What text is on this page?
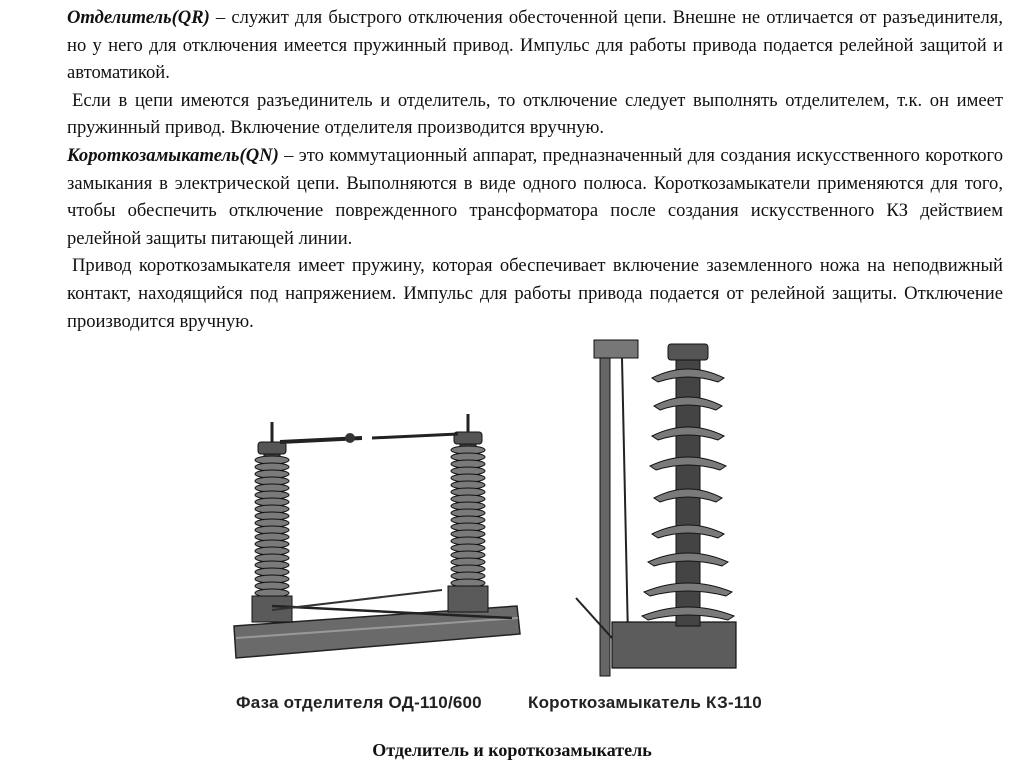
Отделитель(QR) – служит для быстрого отключения обесточенной цепи. Внешне не отличается от разъединителя, но у него для отключения имеется пружинный привод. Импульс для работы привода подается релейной защитой и автоматикой.

Если в цепи имеются разъединитель и отделитель, то отключение следует выполнять отделителем, т.к. он имеет пружинный привод. Включение отделителя производится вручную.

Короткозамыкатель(QN) – это коммутационный аппарат, предназначенный для создания искусственного короткого замыкания в электрической цепи. Выполняются в виде одного полюса. Короткозамыкатели применяются для того, чтобы обеспечить отключение поврежденного трансформатора после создания искусственного КЗ действием релейной защиты питающей линии.

Привод короткозамыкателя имеет пружину, которая обеспечивает включение заземленного ножа на неподвижный контакт, находящийся под напряжением. Импульс для работы привода подается от релейной защиты. Отключение производится вручную.

Фаза отделителя ОД-110/600	Короткозамыкатель КЗ-110
Отделитель и короткозамыкатель
